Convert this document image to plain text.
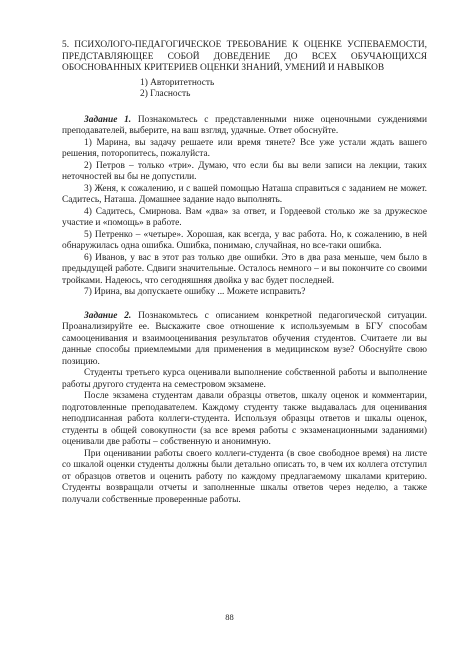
5. ПСИХОЛОГО-ПЕДАГОГИЧЕСКОЕ ТРЕБОВАНИЕ К ОЦЕНКЕ УСПЕВАЕМОСТИ, ПРЕДСТАВЛЯЮЩЕЕ СОБОЙ ДОВЕДЕНИЕ ДО ВСЕХ ОБУЧАЮЩИХСЯ ОБОСНОВАННЫХ КРИТЕРИЕВ ОЦЕНКИ ЗНАНИЙ, УМЕНИЙ И НАВЫКОВ
1) Авторитетность
2) Гласность

Задание 1. Познакомьтесь с представленными ниже оценочными суждениями преподавателей, выберите, на ваш взгляд, удачные. Ответ обоснуйте.

1) Марина, вы задачу решаете или время тянете? Все уже устали ждать вашего решения, поторопитесь, пожалуйста.

2) Петров – только «три». Думаю, что если бы вы вели записи на лекции, таких неточностей вы бы не допустили.

3) Женя, к сожалению, и с вашей помощью Наташа справиться с заданием не может. Садитесь, Наташа. Домашнее задание надо выполнять.

4) Садитесь, Смирнова. Вам «два» за ответ, и Гордеевой столько же за дружеское участие и «помощь» в работе.

5) Петренко – «четыре». Хорошая, как всегда, у вас работа. Но, к сожалению, в ней обнаружилась одна ошибка. Ошибка, понимаю, случайная, но все-таки ошибка.

6) Иванов, у вас в этот раз только две ошибки. Это в два раза меньше, чем было в предыдущей работе. Сдвиги значительные. Осталось немного – и вы покончите со своими тройками. Надеюсь, что сегодняшняя двойка у вас будет последней.

7) Ирина, вы допускаете ошибку ... Можете исправить?

Задание 2. Познакомьтесь с описанием конкретной педагогической ситуации. Проанализируйте ее. Выскажите свое отношение к используемым в БГУ способам самооценивания и взаимооценивания результатов обучения студентов. Считаете ли вы данные способы приемлемыми для применения в медицинском вузе? Обоснуйте свою позицию.

Студенты третьего курса оценивали выполнение собственной работы и выполнение работы другого студента на семестровом экзамене.

После экзамена студентам давали образцы ответов, шкалу оценок и комментарии, подготовленные преподавателем. Каждому студенту также выдавалась для оценивания неподписанная работа коллеги-студента. Используя образцы ответов и шкалы оценок, студенты в общей совокупности (за все время работы с экзаменационными заданиями) оценивали две работы – собственную и анонимную.

При оценивании работы своего коллеги-студента (в свое свободное время) на листе со шкалой оценки студенты должны были детально описать то, в чем их коллега отступил от образцов ответов и оценить работу по каждому предлагаемому шкалами критерию. Студенты возвращали отчеты и заполненные шкалы ответов через неделю, а также получали собственные проверенные работы.

88
